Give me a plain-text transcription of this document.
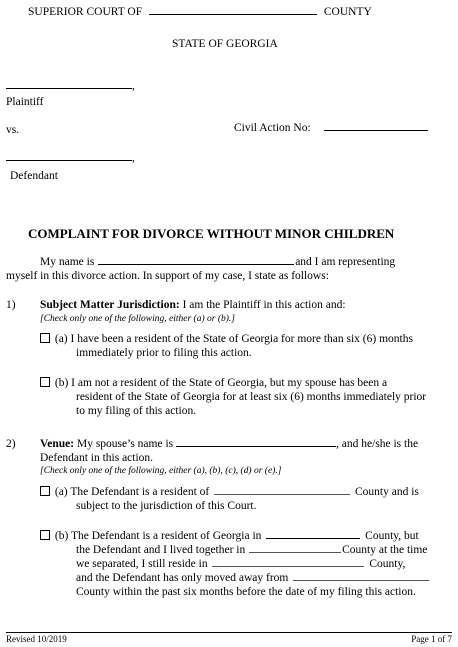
SUPERIOR COURT OF	COUNTY
STATE OF GEORGIA
,
Plaintiff
vs.	Civil Action No:
,
Defendant
COMPLAINT FOR DIVORCE WITHOUT MINOR CHILDREN
My name is	and I am representing
myself in this divorce action. In support of my case, I state as follows:
1) Subject Matter Jurisdiction: I am the Plaintiff in this action and:
[Check only one of the following, either (a) or (b).]
(a) I have been a resident of the State of Georgia for more than six (6) months
immediately prior to filing this action.
(b) I am not a resident of the State of Georgia, but my spouse has been a
resident of the State of Georgia for at least six (6) months immediately prior
to my filing of this action.
2) Venue: My spouse’s name is	, and he/she is the
Defendant in this action.
[Check only one of the following, either (a), (b), (c), (d) or (e).]
(a) The Defendant is a resident of	County and is
subject to the jurisdiction of this Court.
(b) The Defendant is a resident of Georgia in	County, but
the Defendant and I lived together in	County at the time
we separated, I still reside in	County,
and the Defendant has only moved away from
County within the past six months before the date of my filing this action.
Revised 10/2019	Page 1 of 7
